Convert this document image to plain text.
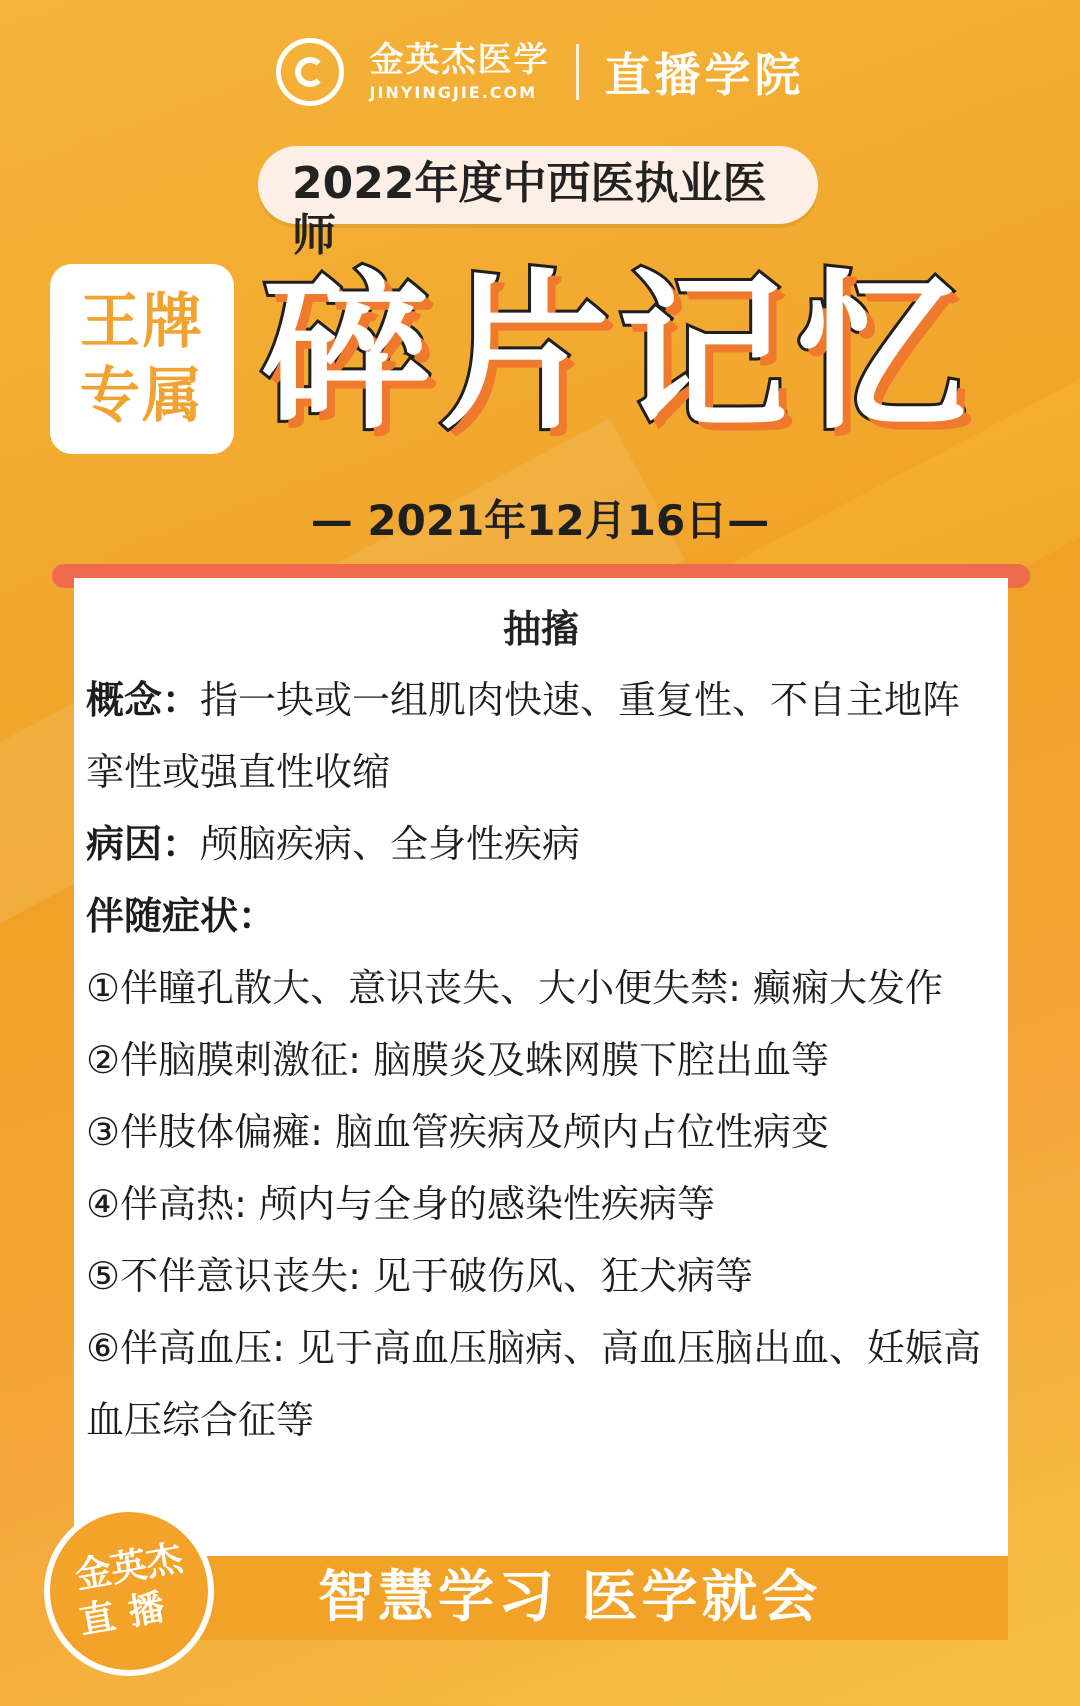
金英杰医学
JINYINGJIE.COM 直播学院
2022年度中西医执业医师
王牌
专属 碎片记忆
— 2021年12月16日—
抽搐

概念：指一块或一组肌肉快速、重复性、不自主地阵挛性或强直性收缩

病因：颅脑疾病、全身性疾病

伴随症状：

①伴瞳孔散大、意识丧失、大小便失禁: 癫痫大发作

②伴脑膜刺激征: 脑膜炎及蛛网膜下腔出血等

③伴肢体偏瘫: 脑血管疾病及颅内占位性病变

④伴高热: 颅内与全身的感染性疾病等

⑤不伴意识丧失: 见于破伤风、狂犬病等

⑥伴高血压: 见于高血压脑病、高血压脑出血、妊娠高血压综合征等

智慧学习 医学就会
金英杰
直播
